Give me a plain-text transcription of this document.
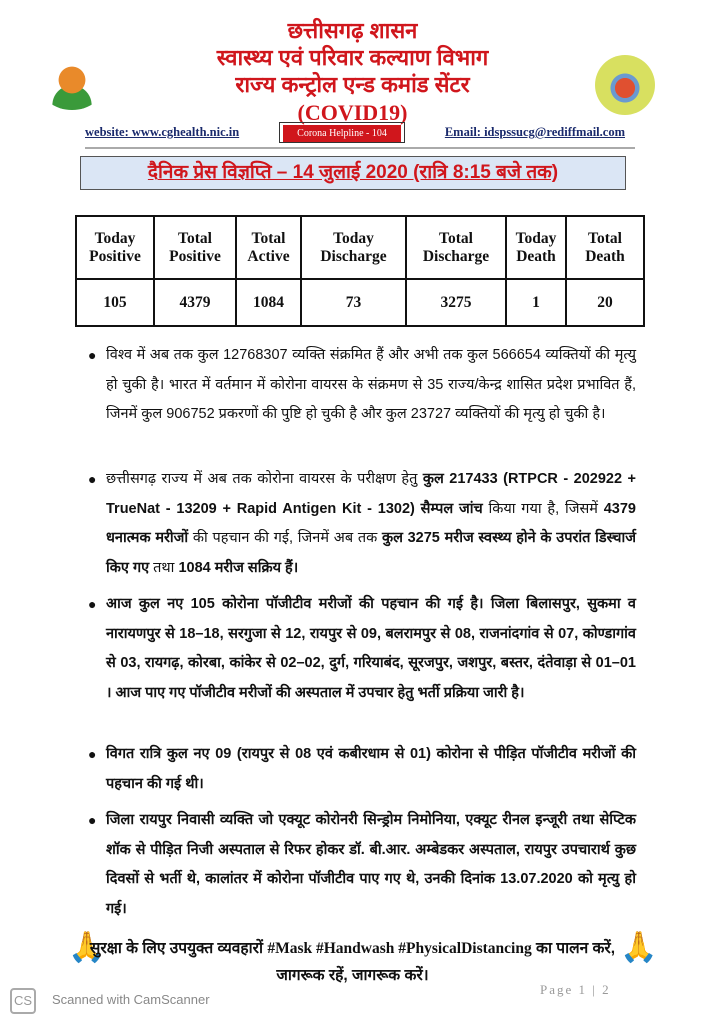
छत्तीसगढ़ शासन
स्वास्थ्य एवं परिवार कल्याण विभाग
राज्य कन्ट्रोल एन्ड कमांड सेंटर
(COVID19)
website: www.cghealth.nic.in	Corona Helpline - 104	Email: idspssucg@rediffmail.com
दैनिक प्रेस विज्ञप्ति – 14 जुलाई 2020 (रात्रि 8:15 बजे तक)
Today Positive	Total Positive	Total Active	Today Discharge	Total Discharge	Today Death	Total Death
105	4379	1084	73	3275	1	20
● विश्व में अब तक कुल 12768307 व्यक्ति संक्रमित हैं और अभी तक कुल 566654 व्यक्तियों की मृत्यु हो चुकी है। भारत में वर्तमान में कोरोना वायरस के संक्रमण से 35 राज्य/केन्द्र शासित प्रदेश प्रभावित हैं, जिनमें कुल 906752 प्रकरणों की पुष्टि हो चुकी है और कुल 23727 व्यक्तियों की मृत्यु हो चुकी है।

● छत्तीसगढ़ राज्य में अब तक कोरोना वायरस के परीक्षण हेतु कुल 217433 (RTPCR - 202922 + TrueNat - 13209 + Rapid Antigen Kit - 1302) सैम्पल जांच किया गया है, जिसमें 4379 धनात्मक मरीजों की पहचान की गई, जिनमें अब तक कुल 3275 मरीज स्वस्थ्य होने के उपरांत डिस्चार्ज किए गए तथा 1084 मरीज सक्रिय हैं।

● आज कुल नए 105 कोरोना पॉजीटीव मरीजों की पहचान की गई है। जिला बिलासपुर, सुकमा व नारायणपुर से 18–18, सरगुजा से 12, रायपुर से 09, बलरामपुर से 08, राजनांदगांव से 07, कोण्डागांव से 03, रायगढ़, कोरबा, कांकेर से 02–02, दुर्ग, गरियाबंद, सूरजपुर, जशपुर, बस्तर, दंतेवाड़ा से 01–01 । आज पाए गए पॉजीटीव मरीजों की अस्पताल में उपचार हेतु भर्ती प्रक्रिया जारी है।

● विगत रात्रि कुल नए 09 (रायपुर से 08 एवं कबीरधाम से 01) कोरोना से पीड़ित पॉजीटीव मरीजों की पहचान की गई थी।

● जिला रायपुर निवासी व्यक्ति जो एक्यूट कोरोनरी सिन्ड्रोम निमोनिया, एक्यूट रीनल इन्जूरी तथा सेप्टिक शॉक से पीड़ित निजी अस्पताल से रिफर होकर डॉ. बी.आर. अम्बेडकर अस्पताल, रायपुर उपचारार्थ कुछ दिवसों से भर्ती थे, कालांतर में कोरोना पॉजीटीव पाए गए थे, उनकी दिनांक 13.07.2020 को मृत्यु हो गई।

🙏	🙏
सुरक्षा के लिए उपयुक्त व्यवहारों #Mask #Handwash #PhysicalDistancing का पालन करें, जागरूक रहें, जागरूक करें।
Page 1 | 2
CS	Scanned with CamScanner
